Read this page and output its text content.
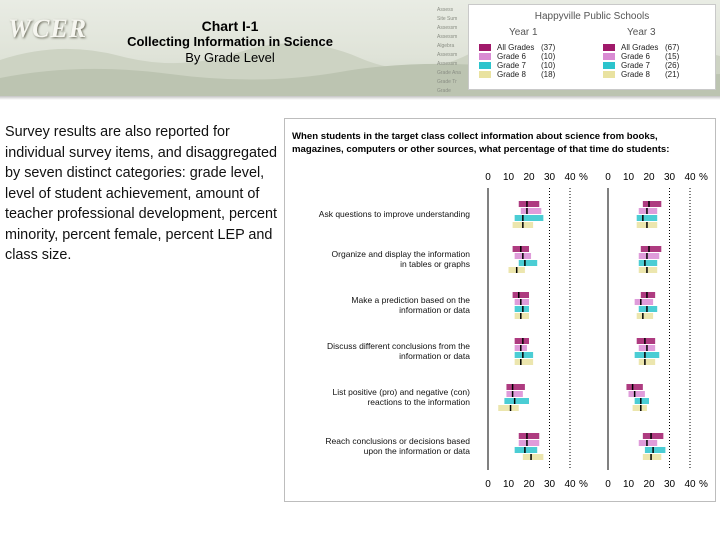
WCER	Chart I-1
Collecting Information in Science
By Grade Level
Assess
Site Sum
Assessm
Assessm
Algebra
Assessm
Assessm
Grade Ana
Grade Tr
Grade
Happyville Public Schools
Year 1	Year 3
All Grades (37)
Grade 6 (10)
Grade 7 (10)
Grade 8 (18)
All Grades (67)
Grade 6 (15)
Grade 7 (26)
Grade 8 (21)
Survey results are also reported for individual survey items, and disaggregated by seven distinct categories: grade level, level of student achievement, amount of teacher professional development, percent minority, percent female, percent LEP and class size.
When students in the target class collect information about science from books, magazines, computers or other sources, what percentage of that time do students:
0 10 20 30 40 %
0 10 20 30 40 %
0 10 20 30 40 %
0 10 20 30 40 %
Ask questions to improve understanding
Organize and display the information
in tables or graphs
Make a prediction based on the
information or data
Discuss different conclusions from the
information or data
List positive (pro) and negative (con)
reactions to the information
Reach conclusions or decisions based
upon the information or data
